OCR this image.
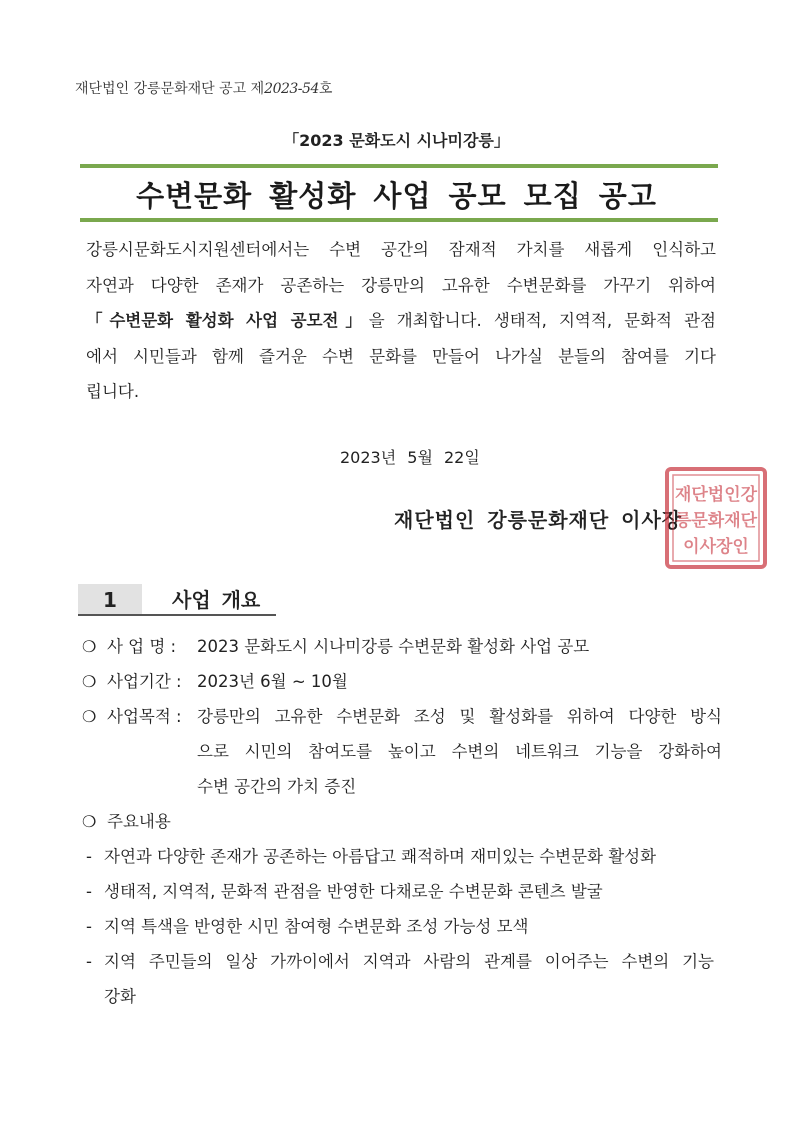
재단법인 강릉문화재단 공고 제2023-54호
「2023 문화도시 시나미강릉」
수변문화 활성화 사업 공모 모집 공고
강릉시문화도시지원센터에서는 수변 공간의 잠재적 가치를 새롭게 인식하고
자연과 다양한 존재가 공존하는 강릉만의 고유한 수변문화를 가꾸기 위하여
「수변문화 활성화 사업 공모전」을 개최합니다. 생태적, 지역적, 문화적 관점
에서 시민들과 함께 즐거운 수변 문화를 만들어 나가실 분들의 참여를 기다
립니다.
2023년 5월 22일
재단법인 강릉문화재단 이사장
재단법인강
릉문화재단
이사장인
1	사업 개요
❍ 사 업 명 : 2023 문화도시 시나미강릉 수변문화 활성화 사업 공모
❍ 사업기간 : 2023년 6월 ~ 10월
❍ 사업목적 : 강릉만의 고유한 수변문화 조성 및 활성화를 위하여 다양한 방식
으로 시민의 참여도를 높이고 수변의 네트워크 기능을 강화하여
수변 공간의 가치 증진
❍ 주요내용
- 자연과 다양한 존재가 공존하는 아름답고 쾌적하며 재미있는 수변문화 활성화
- 생태적, 지역적, 문화적 관점을 반영한 다채로운 수변문화 콘텐츠 발굴
- 지역 특색을 반영한 시민 참여형 수변문화 조성 가능성 모색
- 지역 주민들의 일상 가까이에서 지역과 사람의 관계를 이어주는 수변의 기능
강화
